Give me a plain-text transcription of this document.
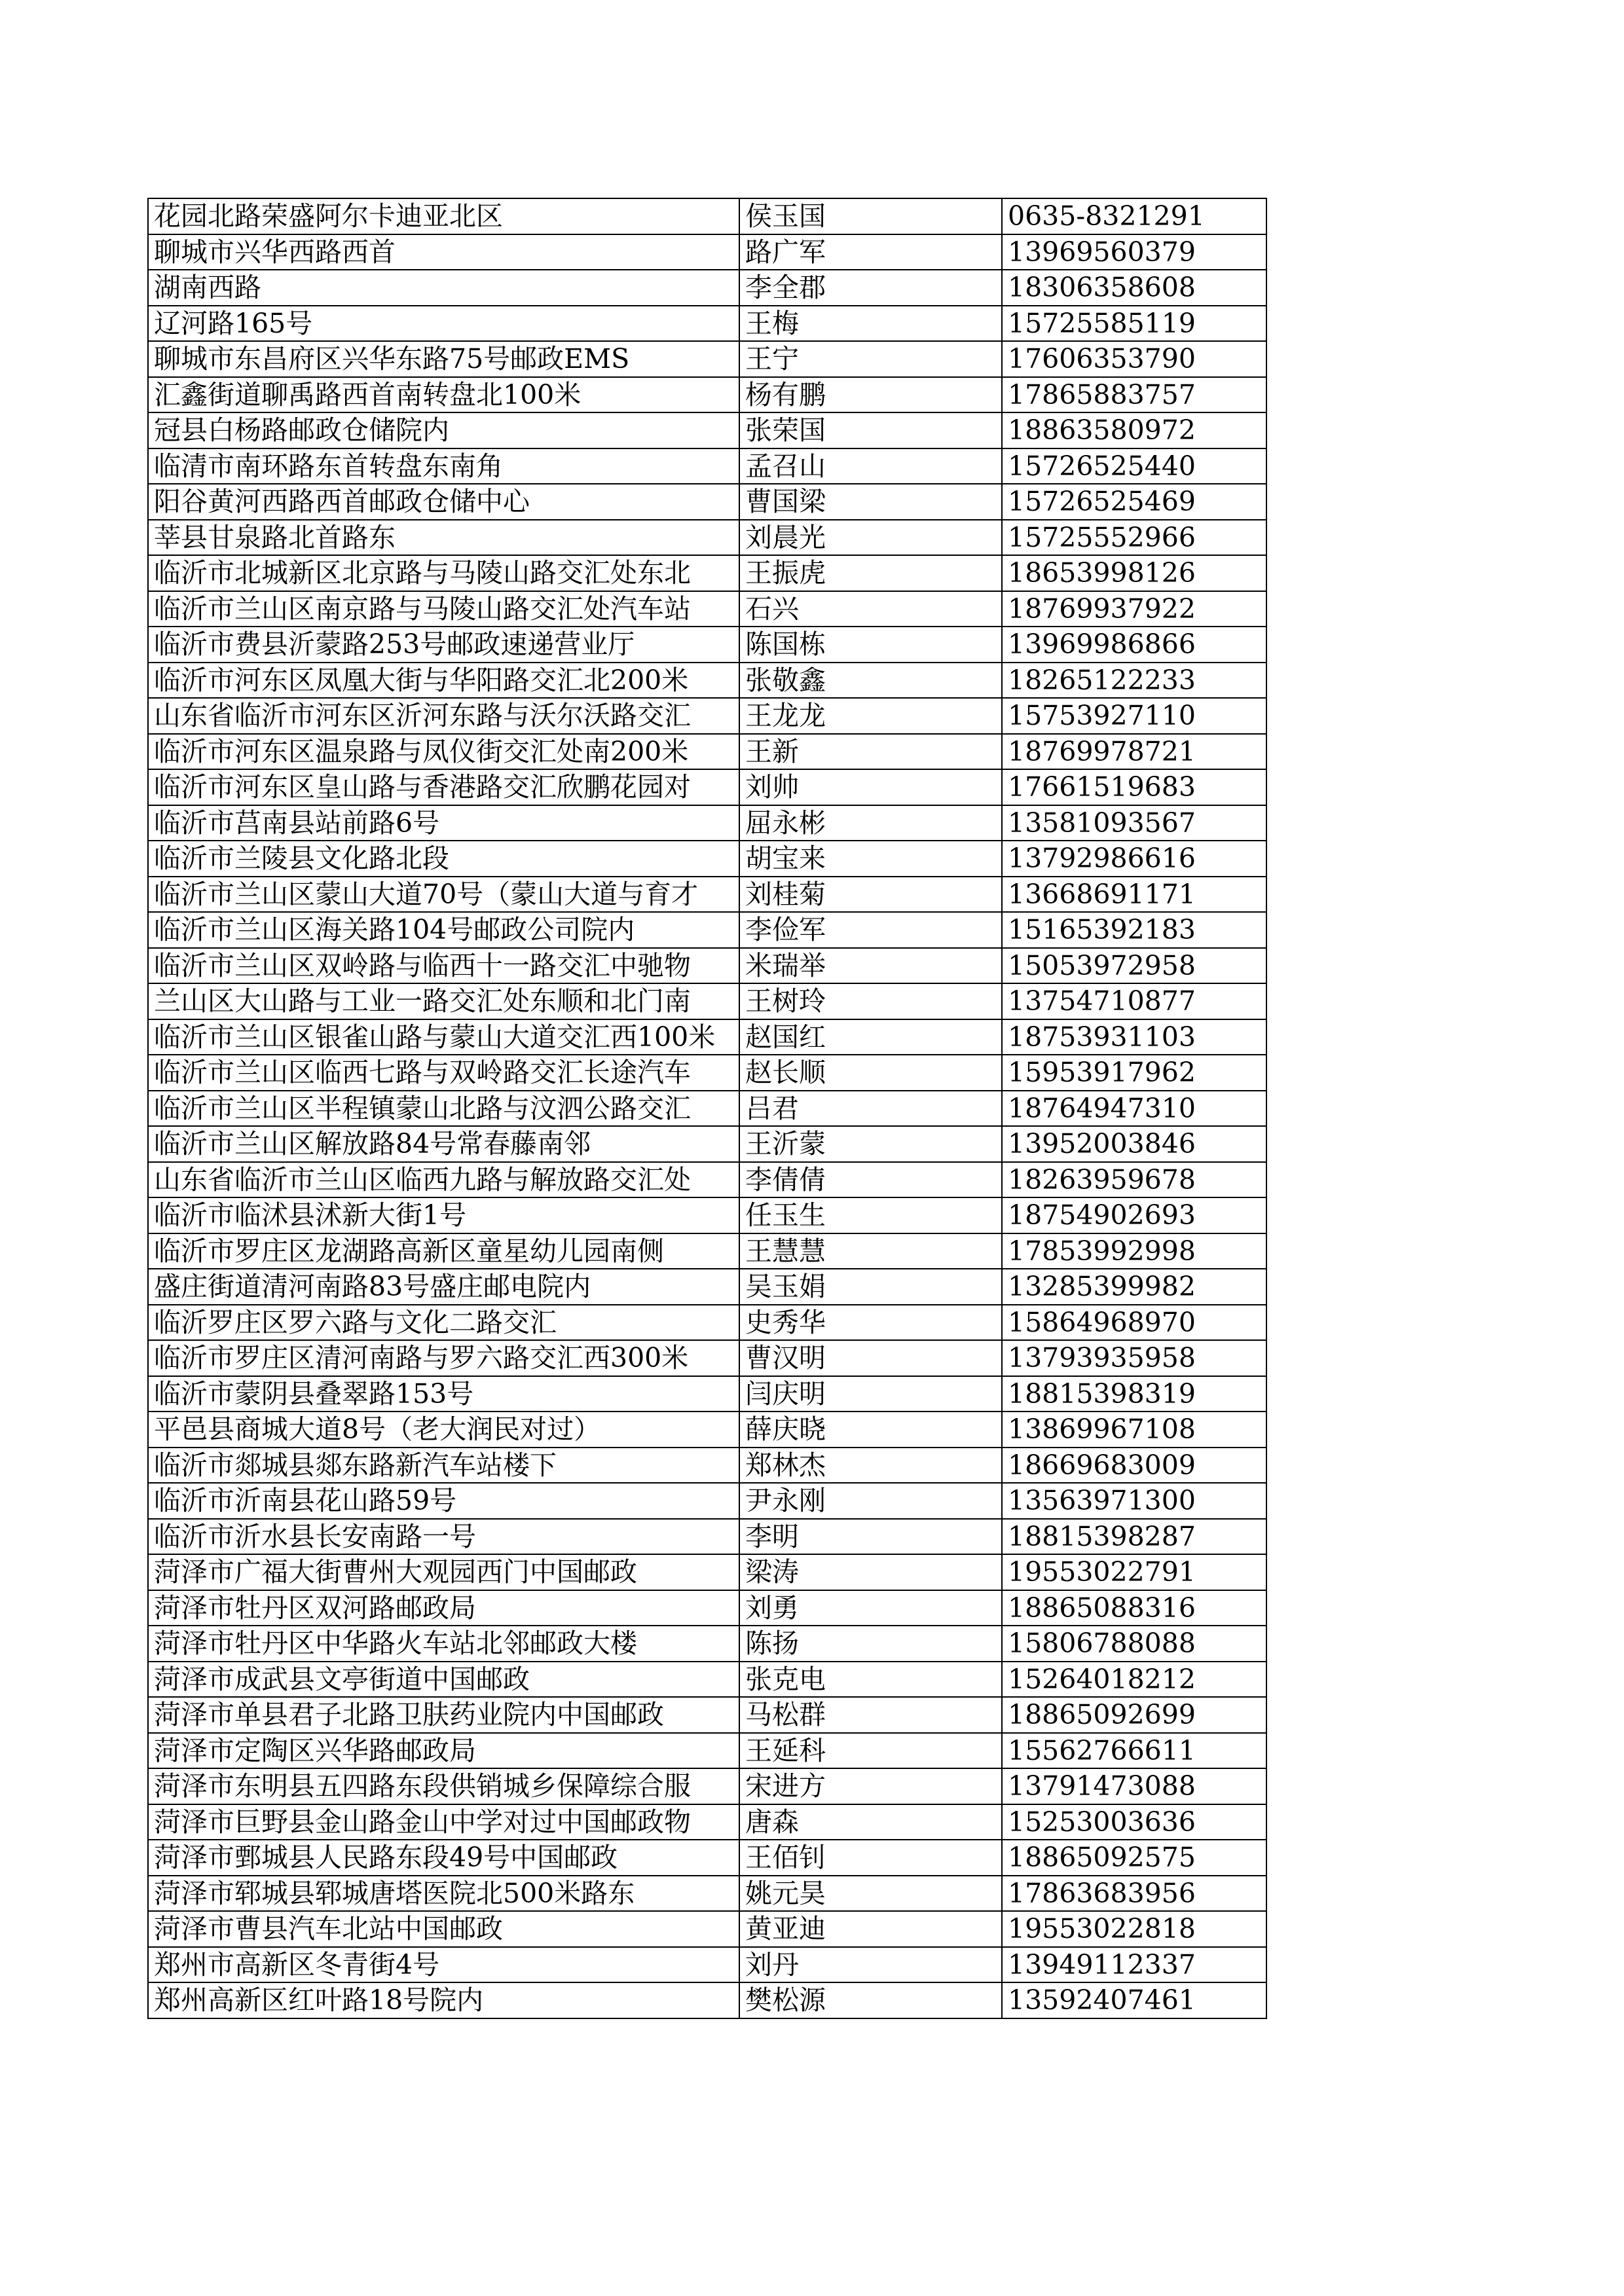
花园北路荣盛阿尔卡迪亚北区	侯玉国	0635-8321291
聊城市兴华西路西首	路广军	13969560379
湖南西路	李全郡	18306358608
辽河路165号	王梅	15725585119
聊城市东昌府区兴华东路75号邮政EMS	王宁	17606353790
汇鑫街道聊禹路西首南转盘北100米	杨有鹏	17865883757
冠县白杨路邮政仓储院内	张荣国	18863580972
临清市南环路东首转盘东南角	孟召山	15726525440
阳谷黄河西路西首邮政仓储中心	曹国梁	15726525469
莘县甘泉路北首路东	刘晨光	15725552966
临沂市北城新区北京路与马陵山路交汇处东北	王振虎	18653998126
临沂市兰山区南京路与马陵山路交汇处汽车站	石兴	18769937922
临沂市费县沂蒙路253号邮政速递营业厅	陈国栋	13969986866
临沂市河东区凤凰大街与华阳路交汇北200米	张敬鑫	18265122233
山东省临沂市河东区沂河东路与沃尔沃路交汇	王龙龙	15753927110
临沂市河东区温泉路与凤仪街交汇处南200米	王新	18769978721
临沂市河东区皇山路与香港路交汇欣鹏花园对	刘帅	17661519683
临沂市莒南县站前路6号	屈永彬	13581093567
临沂市兰陵县文化路北段	胡宝来	13792986616
临沂市兰山区蒙山大道70号（蒙山大道与育才	刘桂菊	13668691171
临沂市兰山区海关路104号邮政公司院内	李俭军	15165392183
临沂市兰山区双岭路与临西十一路交汇中驰物	米瑞举	15053972958
兰山区大山路与工业一路交汇处东顺和北门南	王树玲	13754710877
临沂市兰山区银雀山路与蒙山大道交汇西100米	赵国红	18753931103
临沂市兰山区临西七路与双岭路交汇长途汽车	赵长顺	15953917962
临沂市兰山区半程镇蒙山北路与汶泗公路交汇	吕君	18764947310
临沂市兰山区解放路84号常春藤南邻	王沂蒙	13952003846
山东省临沂市兰山区临西九路与解放路交汇处	李倩倩	18263959678
临沂市临沭县沭新大街1号	任玉生	18754902693
临沂市罗庄区龙湖路高新区童星幼儿园南侧	王慧慧	17853992998
盛庄街道清河南路83号盛庄邮电院内	吴玉娟	13285399982
临沂罗庄区罗六路与文化二路交汇	史秀华	15864968970
临沂市罗庄区清河南路与罗六路交汇西300米	曹汉明	13793935958
临沂市蒙阴县叠翠路153号	闫庆明	18815398319
平邑县商城大道8号（老大润民对过）	薛庆晓	13869967108
临沂市郯城县郯东路新汽车站楼下	郑林杰	18669683009
临沂市沂南县花山路59号	尹永刚	13563971300
临沂市沂水县长安南路一号	李明	18815398287
菏泽市广福大街曹州大观园西门中国邮政	梁涛	19553022791
菏泽市牡丹区双河路邮政局	刘勇	18865088316
菏泽市牡丹区中华路火车站北邻邮政大楼	陈扬	15806788088
菏泽市成武县文亭街道中国邮政	张克电	15264018212
菏泽市单县君子北路卫肤药业院内中国邮政	马松群	18865092699
菏泽市定陶区兴华路邮政局	王延科	15562766611
菏泽市东明县五四路东段供销城乡保障综合服	宋进方	13791473088
菏泽市巨野县金山路金山中学对过中国邮政物	唐森	15253003636
菏泽市鄄城县人民路东段49号中国邮政	王佰钊	18865092575
菏泽市郓城县郓城唐塔医院北500米路东	姚元昊	17863683956
菏泽市曹县汽车北站中国邮政	黄亚迪	19553022818
郑州市高新区冬青街4号	刘丹	13949112337
郑州高新区红叶路18号院内	樊松源	13592407461
